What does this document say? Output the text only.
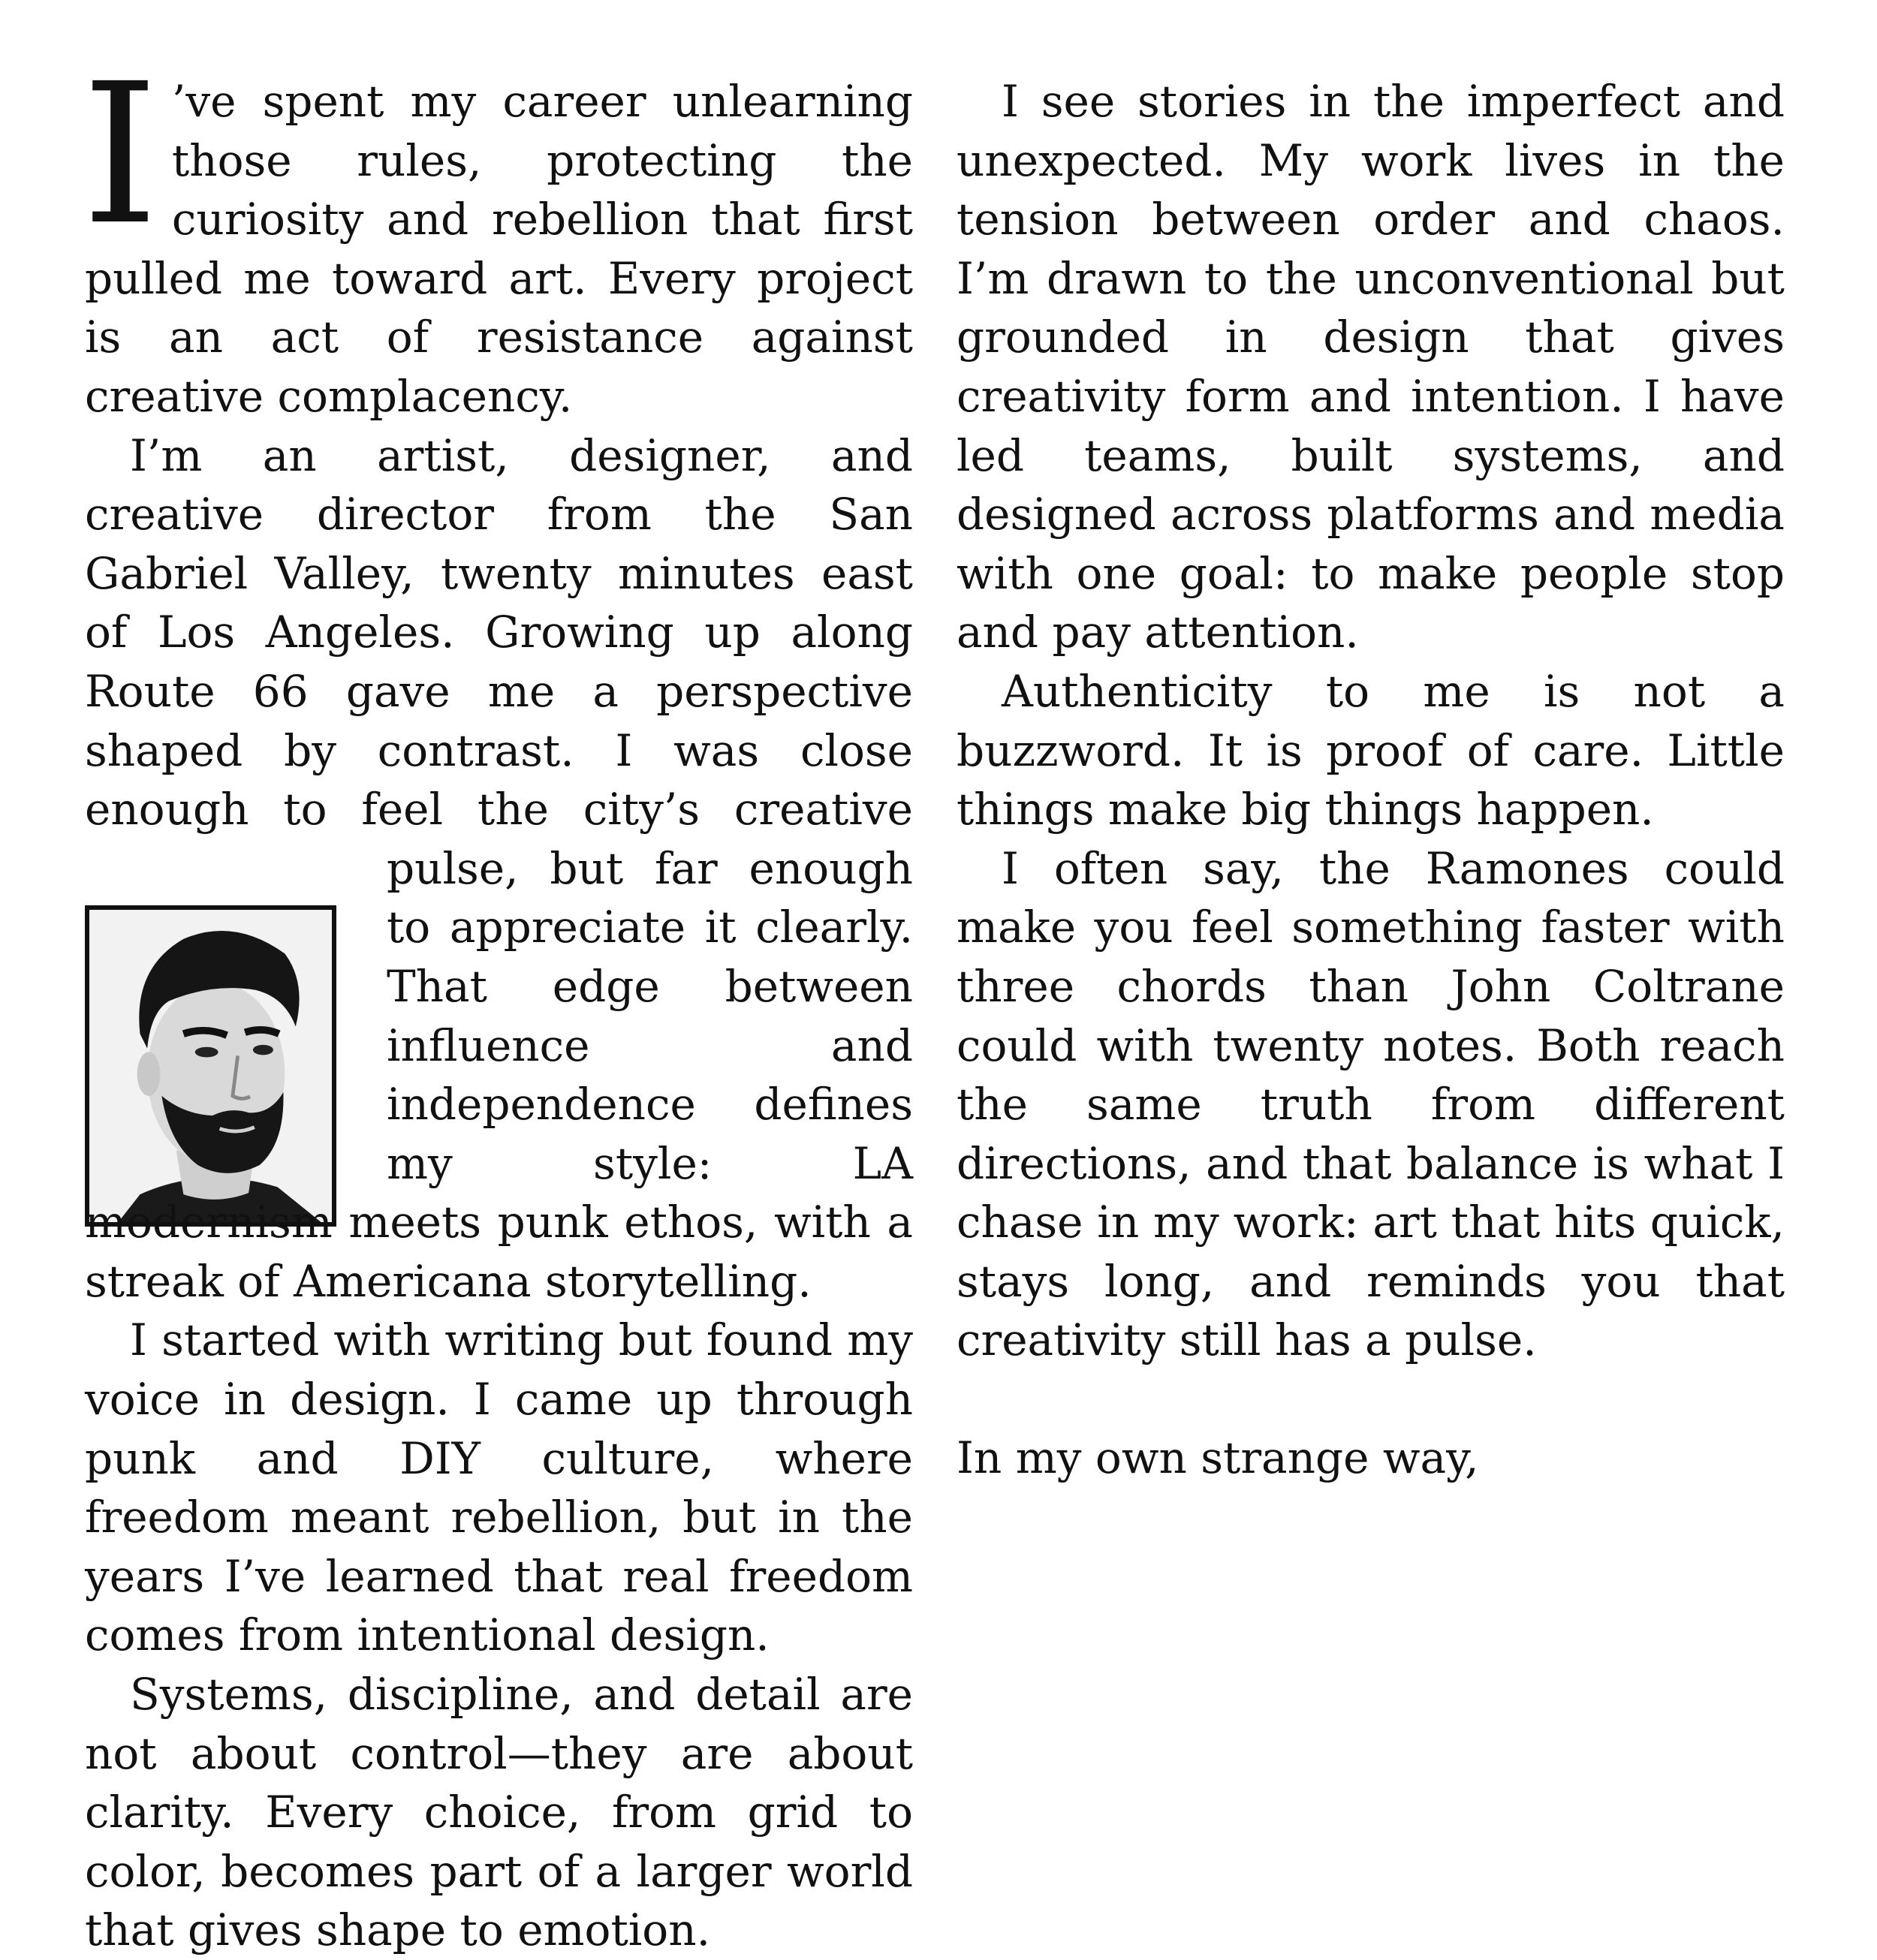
I ’ve spent my career unlearning those rules, protecting the curiosity and rebellion that first pulled me toward art. Every project is an act of resistance against creative complacency.

I’m an artist, designer, and creative director from the San Gabriel Valley, twenty minutes east of Los Angeles. Growing up along Route 66 gave me a perspective shaped by contrast. I was close enough to feel the city’s creative pulse, but far enough to appreciate it clearly. That edge between influence and independence defines my style: LA modernism meets punk ethos, with a streak of Americana storytelling.

I started with writing but found my voice in design. I came up through punk and DIY culture, where freedom meant rebellion, but in the years I’ve learned that real freedom comes from intentional design.

Systems, discipline, and detail are not about control—they are about clarity. Every choice, from grid to color, becomes part of a larger world that gives shape to emotion.

I see stories in the imperfect and unexpected. My work lives in the tension between order and chaos. I’m drawn to the unconventional but grounded in design that gives creativity form and intention. I have led teams, built systems, and designed across platforms and media with one goal: to make people stop and pay attention.

Authenticity to me is not a buzzword. It is proof of care. Little things make big things happen.

I often say, the Ramones could make you feel something faster with three chords than John Coltrane could with twenty notes. Both reach the same truth from different directions, and that balance is what I chase in my work: art that hits quick, stays long, and reminds you that creativity still has a pulse.

In my own strange way,
